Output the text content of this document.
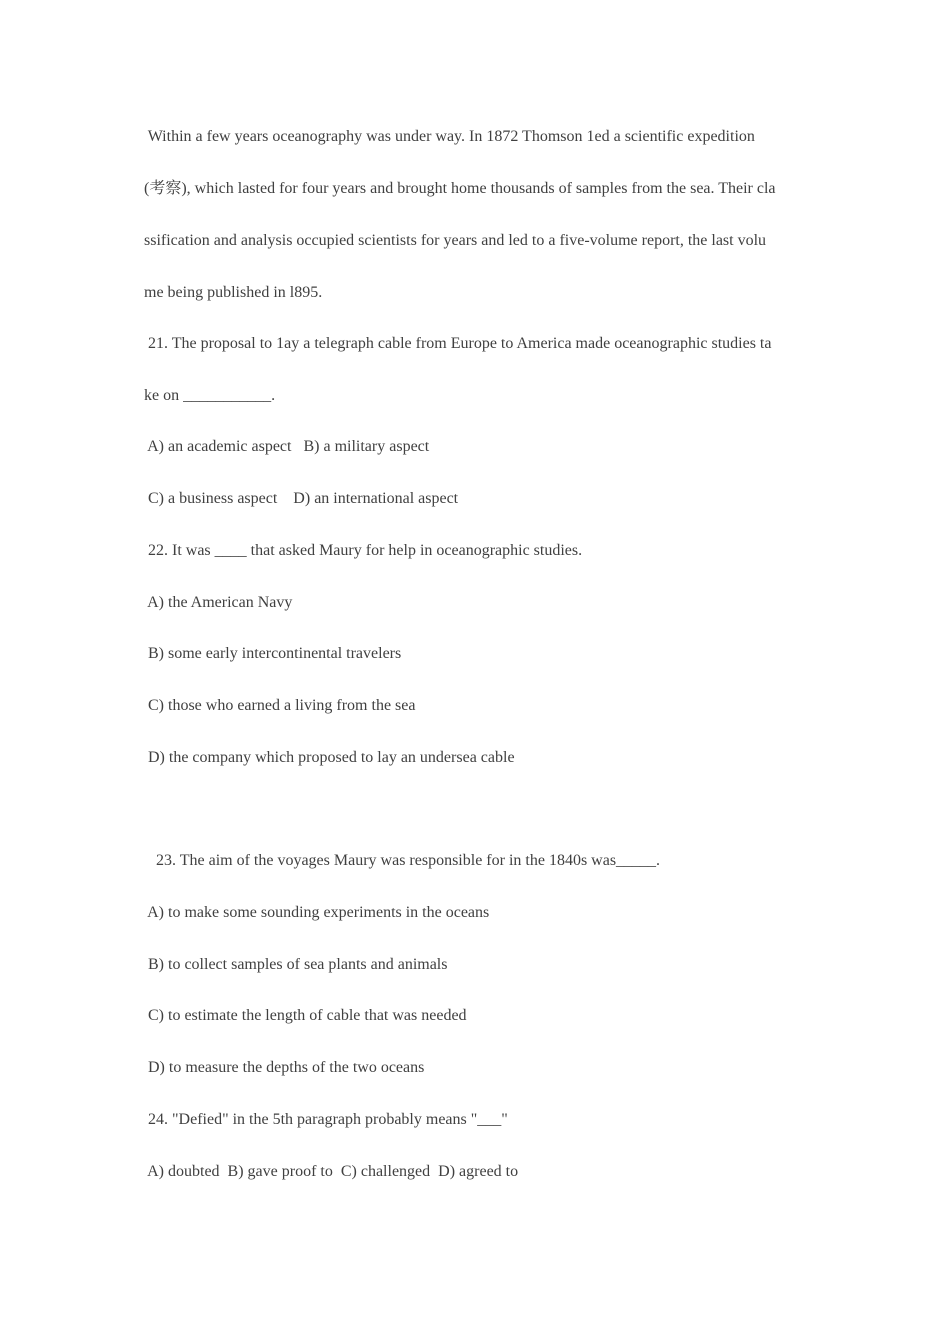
Within a few years oceanography was under way. In 1872 Thomson 1ed a scientific expedition
(考察), which lasted for four years and brought home thousands of samples from the sea. Their cla
ssification and analysis occupied scientists for years and led to a five-volume report, the last volu
me being published in l895.
21. The proposal to 1ay a telegraph cable from Europe to America made oceanographic studies ta
ke on ___________.
A) an academic aspect   B) a military aspect
C) a business aspect    D) an international aspect
22. It was ____ that asked Maury for help in oceanographic studies.
A) the American Navy
B) some early intercontinental travelers
C) those who earned a living from the sea
D) the company which proposed to lay an undersea cable
23. The aim of the voyages Maury was responsible for in the 1840s was_____.
A) to make some sounding experiments in the oceans
B) to collect samples of sea plants and animals
C) to estimate the length of cable that was needed
D) to measure the depths of the two oceans
24. "Defied" in the 5th paragraph probably means "___"
A) doubted  B) gave proof to  C) challenged  D) agreed to
